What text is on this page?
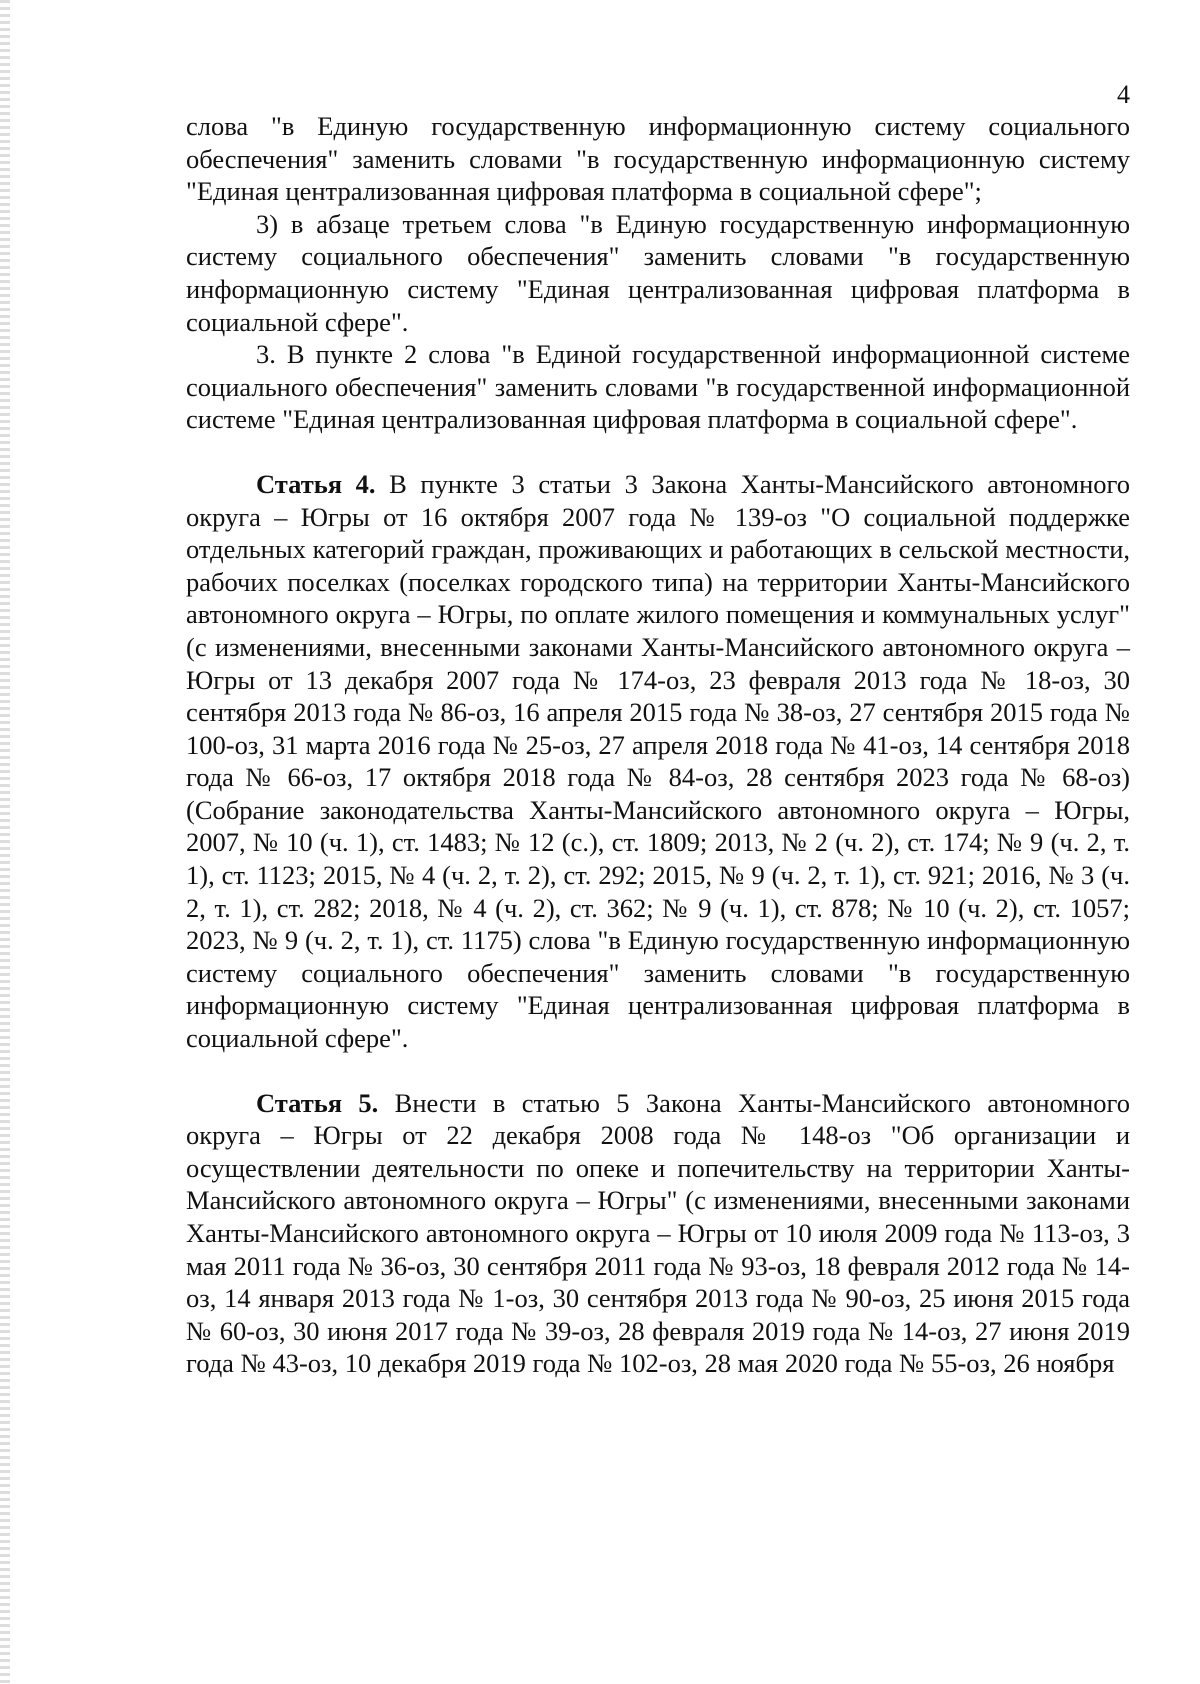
4

слова "в Единую государственную информационную систему социального обеспечения" заменить словами "в государственную информационную систему "Единая централизованная цифровая платформа в социальной сфере";

3) в абзаце третьем слова "в Единую государственную информационную систему социального обеспечения" заменить словами "в государственную информационную систему "Единая централизованная цифровая платформа в социальной сфере".

3. В пункте 2 слова "в Единой государственной информационной системе социального обеспечения" заменить словами "в государственной информационной системе "Единая централизованная цифровая платформа в социальной сфере".

Статья 4. В пункте 3 статьи 3 Закона Ханты-Мансийского автономного округа – Югры от 16 октября 2007 года № 139-оз "О социальной поддержке отдельных категорий граждан, проживающих и работающих в сельской местности, рабочих поселках (поселках городского типа) на территории Ханты-Мансийского автономного округа – Югры, по оплате жилого помещения и коммунальных услуг" (с изменениями, внесенными законами Ханты-Мансийского автономного округа – Югры от 13 декабря 2007 года № 174-оз, 23 февраля 2013 года № 18-оз, 30 сентября 2013 года № 86-оз, 16 апреля 2015 года № 38-оз, 27 сентября 2015 года № 100-оз, 31 марта 2016 года № 25-оз, 27 апреля 2018 года № 41-оз, 14 сентября 2018 года № 66-оз, 17 октября 2018 года № 84-оз, 28 сентября 2023 года № 68-оз) (Собрание законодательства Ханты-Мансийского автономного округа – Югры, 2007, № 10 (ч. 1), ст. 1483; № 12 (с.), ст. 1809; 2013, № 2 (ч. 2), ст. 174; № 9 (ч. 2, т. 1), ст. 1123; 2015, № 4 (ч. 2, т. 2), ст. 292; 2015, № 9 (ч. 2, т. 1), ст. 921; 2016, № 3 (ч. 2, т. 1), ст. 282; 2018, № 4 (ч. 2), ст. 362; № 9 (ч. 1), ст. 878; № 10 (ч. 2), ст. 1057; 2023, № 9 (ч. 2, т. 1), ст. 1175) слова "в Единую государственную информационную систему социального обеспечения" заменить словами "в государственную информационную систему "Единая централизованная цифровая платформа в социальной сфере".

Статья 5. Внести в статью 5 Закона Ханты-Мансийского автономного округа – Югры от 22 декабря 2008 года № 148-оз "Об организации и осуществлении деятельности по опеке и попечительству на территории Ханты-Мансийского автономного округа – Югры" (с изменениями, внесенными законами Ханты-Мансийского автономного округа – Югры от 10 июля 2009 года № 113-оз, 3 мая 2011 года № 36-оз, 30 сентября 2011 года № 93-оз, 18 февраля 2012 года № 14-оз, 14 января 2013 года № 1-оз, 30 сентября 2013 года № 90-оз, 25 июня 2015 года № 60-оз, 30 июня 2017 года № 39-оз, 28 февраля 2019 года № 14-оз, 27 июня 2019 года № 43-оз, 10 декабря 2019 года № 102-оз, 28 мая 2020 года № 55-оз, 26 ноября
